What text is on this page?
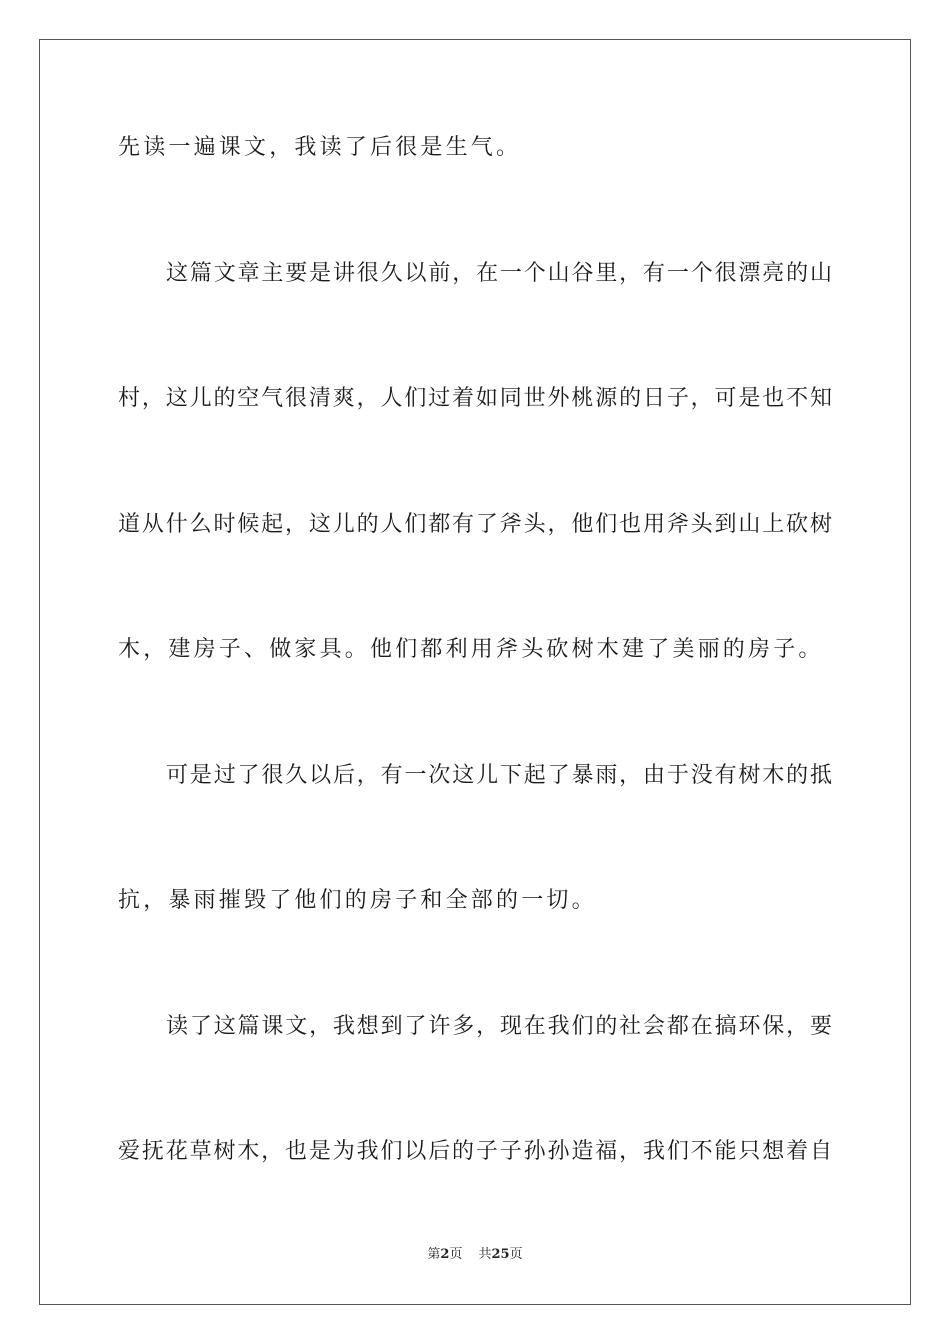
先读一遍课文，我读了后很是生气。
这篇文章主要是讲很久以前，在一个山谷里，有一个很漂亮的山
村，这儿的空气很清爽，人们过着如同世外桃源的日子，可是也不知
道从什么时候起，这儿的人们都有了斧头，他们也用斧头到山上砍树
木，建房子、做家具。他们都利用斧头砍树木建了美丽的房子。
可是过了很久以后，有一次这儿下起了暴雨，由于没有树木的抵
抗，暴雨摧毁了他们的房子和全部的一切。
读了这篇课文，我想到了许多，现在我们的社会都在搞环保，要
爱抚花草树木，也是为我们以后的子子孙孙造福，我们不能只想着自
第2页 共25页
